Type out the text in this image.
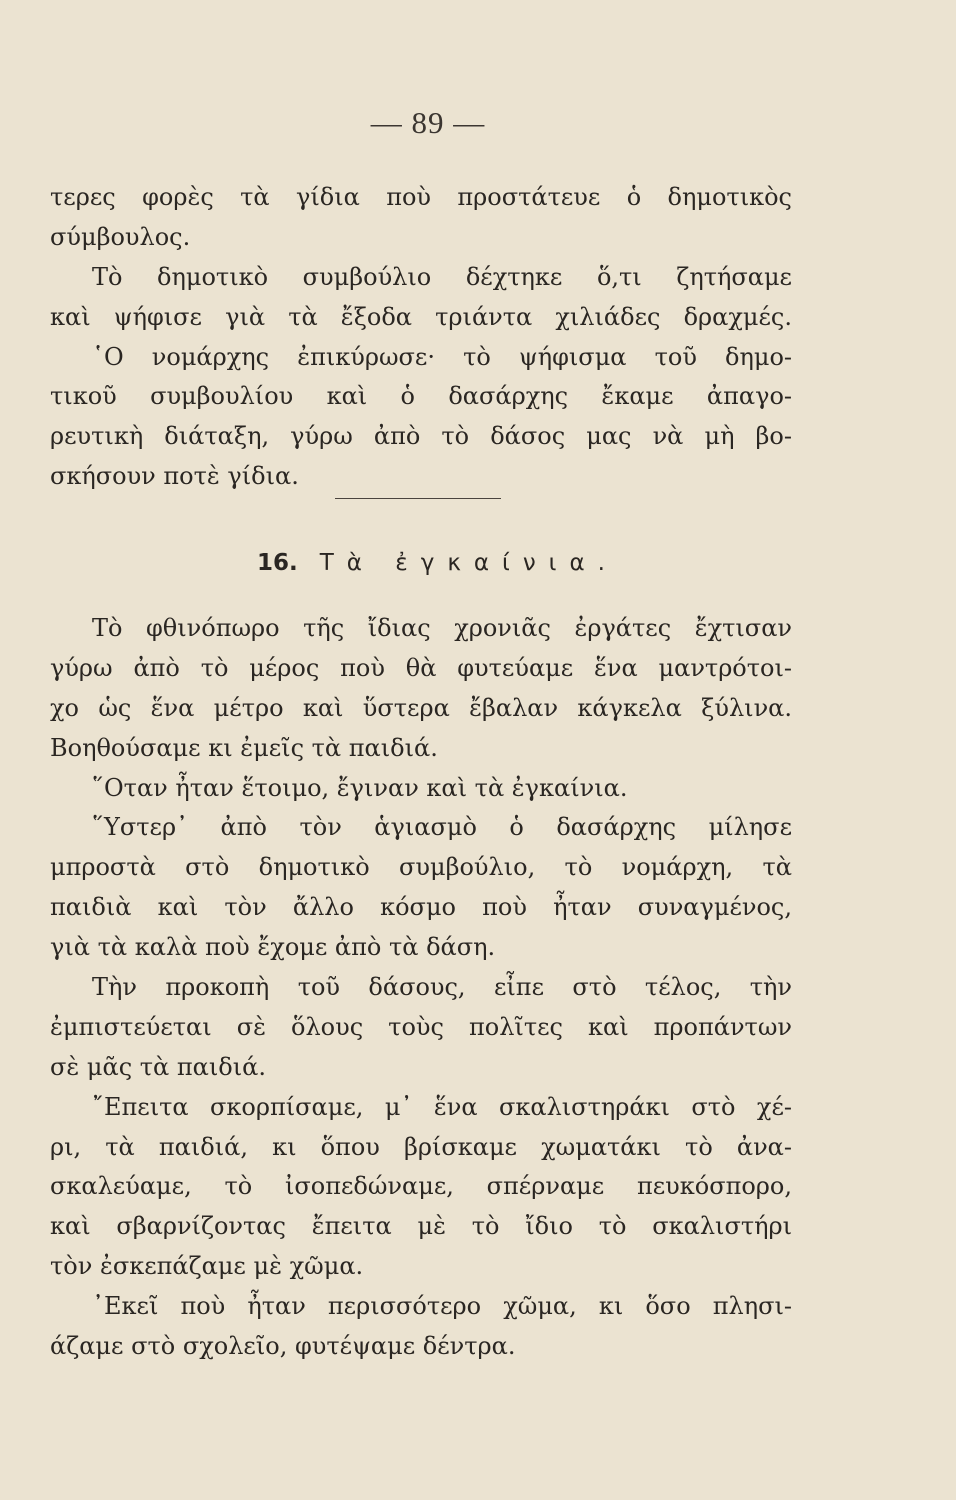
— 89 —
τερες φορὲς τὰ γίδια ποὺ προστάτευε ὁ δημοτικὸς
σύμβουλος.
Τὸ δημοτικὸ συμβούλιο δέχτηκε ὅ,τι ζητήσαμε
καὶ ψήφισε γιὰ τὰ ἔξοδα τριάντα χιλιάδες δραχμές.
῾Ο νομάρχης ἐπικύρωσε· τὸ ψήφισμα τοῦ δημο-
τικοῦ συμβουλίου καὶ ὁ δασάρχης ἔκαμε ἀπαγο-
ρευτικὴ διάταξη, γύρω ἀπὸ τὸ δάσος μας νὰ μὴ βο-
σκήσουν ποτὲ γίδια.
16. Τὰ ἐγκαίνια.
Τὸ φθινόπωρο τῆς ἴδιας χρονιᾶς ἐργάτες ἔχτισαν
γύρω ἀπὸ τὸ μέρος ποὺ θὰ φυτεύαμε ἕνα μαντρότοι-
χο ὡς ἕνα μέτρο καὶ ὕστερα ἔβαλαν κάγκελα ξύλινα.
Βοηθούσαμε κι ἐμεῖς τὰ παιδιά.
῞Οταν ἦταν ἕτοιμο, ἔγιναν καὶ τὰ ἐγκαίνια.
῞Υστερ᾽ ἀπὸ τὸν ἁγιασμὸ ὁ δασάρχης μίλησε
μπροστὰ στὸ δημοτικὸ συμβούλιο, τὸ νομάρχη, τὰ
παιδιὰ καὶ τὸν ἄλλο κόσμο ποὺ ἦταν συναγμένος,
γιὰ τὰ καλὰ ποὺ ἔχομε ἀπὸ τὰ δάση.
Τὴν προκοπὴ τοῦ δάσους, εἶπε στὸ τέλος, τὴν
ἐμπιστεύεται σὲ ὅλους τοὺς πολῖτες καὶ προπάντων
σὲ μᾶς τὰ παιδιά.
῎Επειτα σκορπίσαμε, μ᾽ ἕνα σκαλιστηράκι στὸ χέ-
ρι, τὰ παιδιά, κι ὅπου βρίσκαμε χωματάκι τὸ ἀνα-
σκαλεύαμε, τὸ ἰσοπεδώναμε, σπέρναμε πευκόσπορο,
καὶ σβαρνίζοντας ἔπειτα μὲ τὸ ἴδιο τὸ σκαλιστήρι
τὸν ἐσκεπάζαμε μὲ χῶμα.
᾿Εκεῖ ποὺ ἦταν περισσότερο χῶμα, κι ὅσο πλησι-
άζαμε στὸ σχολεῖο, φυτέψαμε δέντρα.
